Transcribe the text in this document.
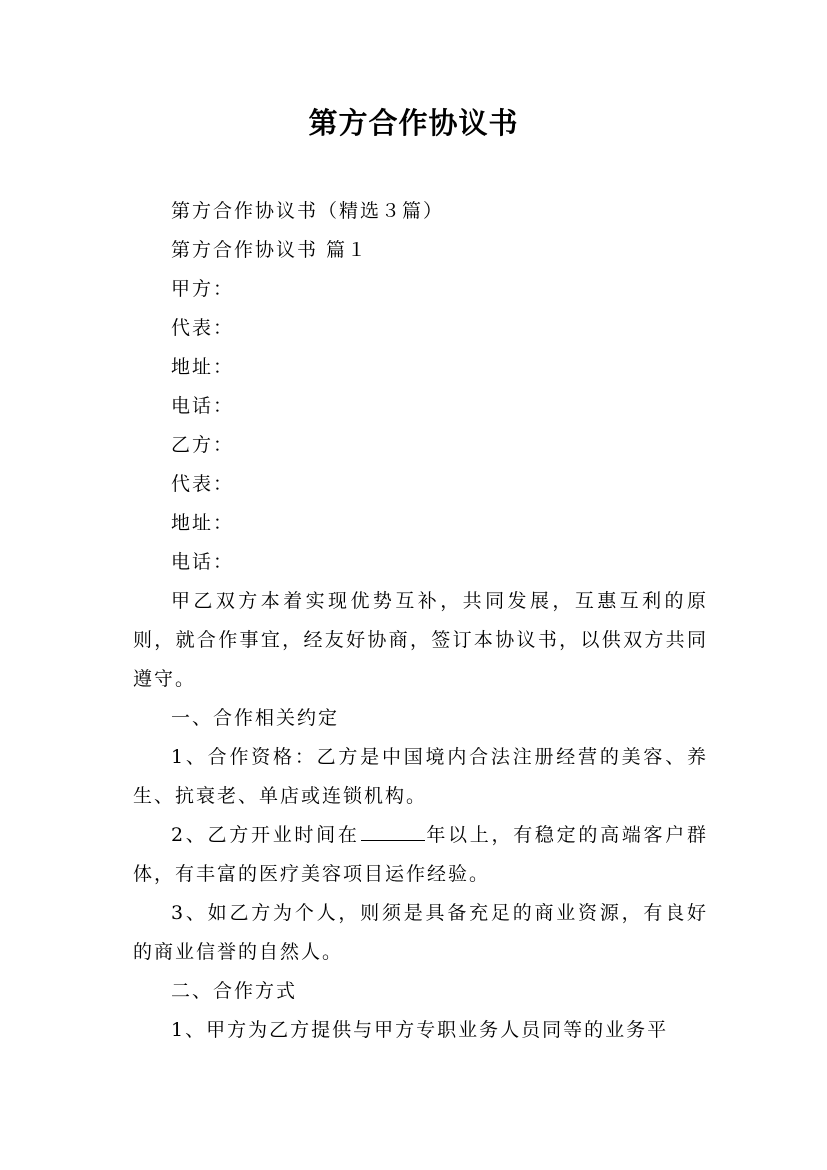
第方合作协议书

第方合作协议书（精选３篇）

第方合作协议书 篇１

甲方：

代表：

地址：

电话：

乙方：

代表：

地址：

电话：

甲乙双方本着实现优势互补，共同发展，互惠互利的原则，就合作事宜，经友好协商，签订本协议书，以供双方共同遵守。

一、合作相关约定

1、合作资格：乙方是中国境内合法注册经营的美容、养生、抗衰老、单店或连锁机构。

2、乙方开业时间在	年以上，有稳定的高端客户群体，有丰富的医疗美容项目运作经验。

3、如乙方为个人，则须是具备充足的商业资源，有良好的商业信誉的自然人。

二、合作方式

1、甲方为乙方提供与甲方专职业务人员同等的业务平
